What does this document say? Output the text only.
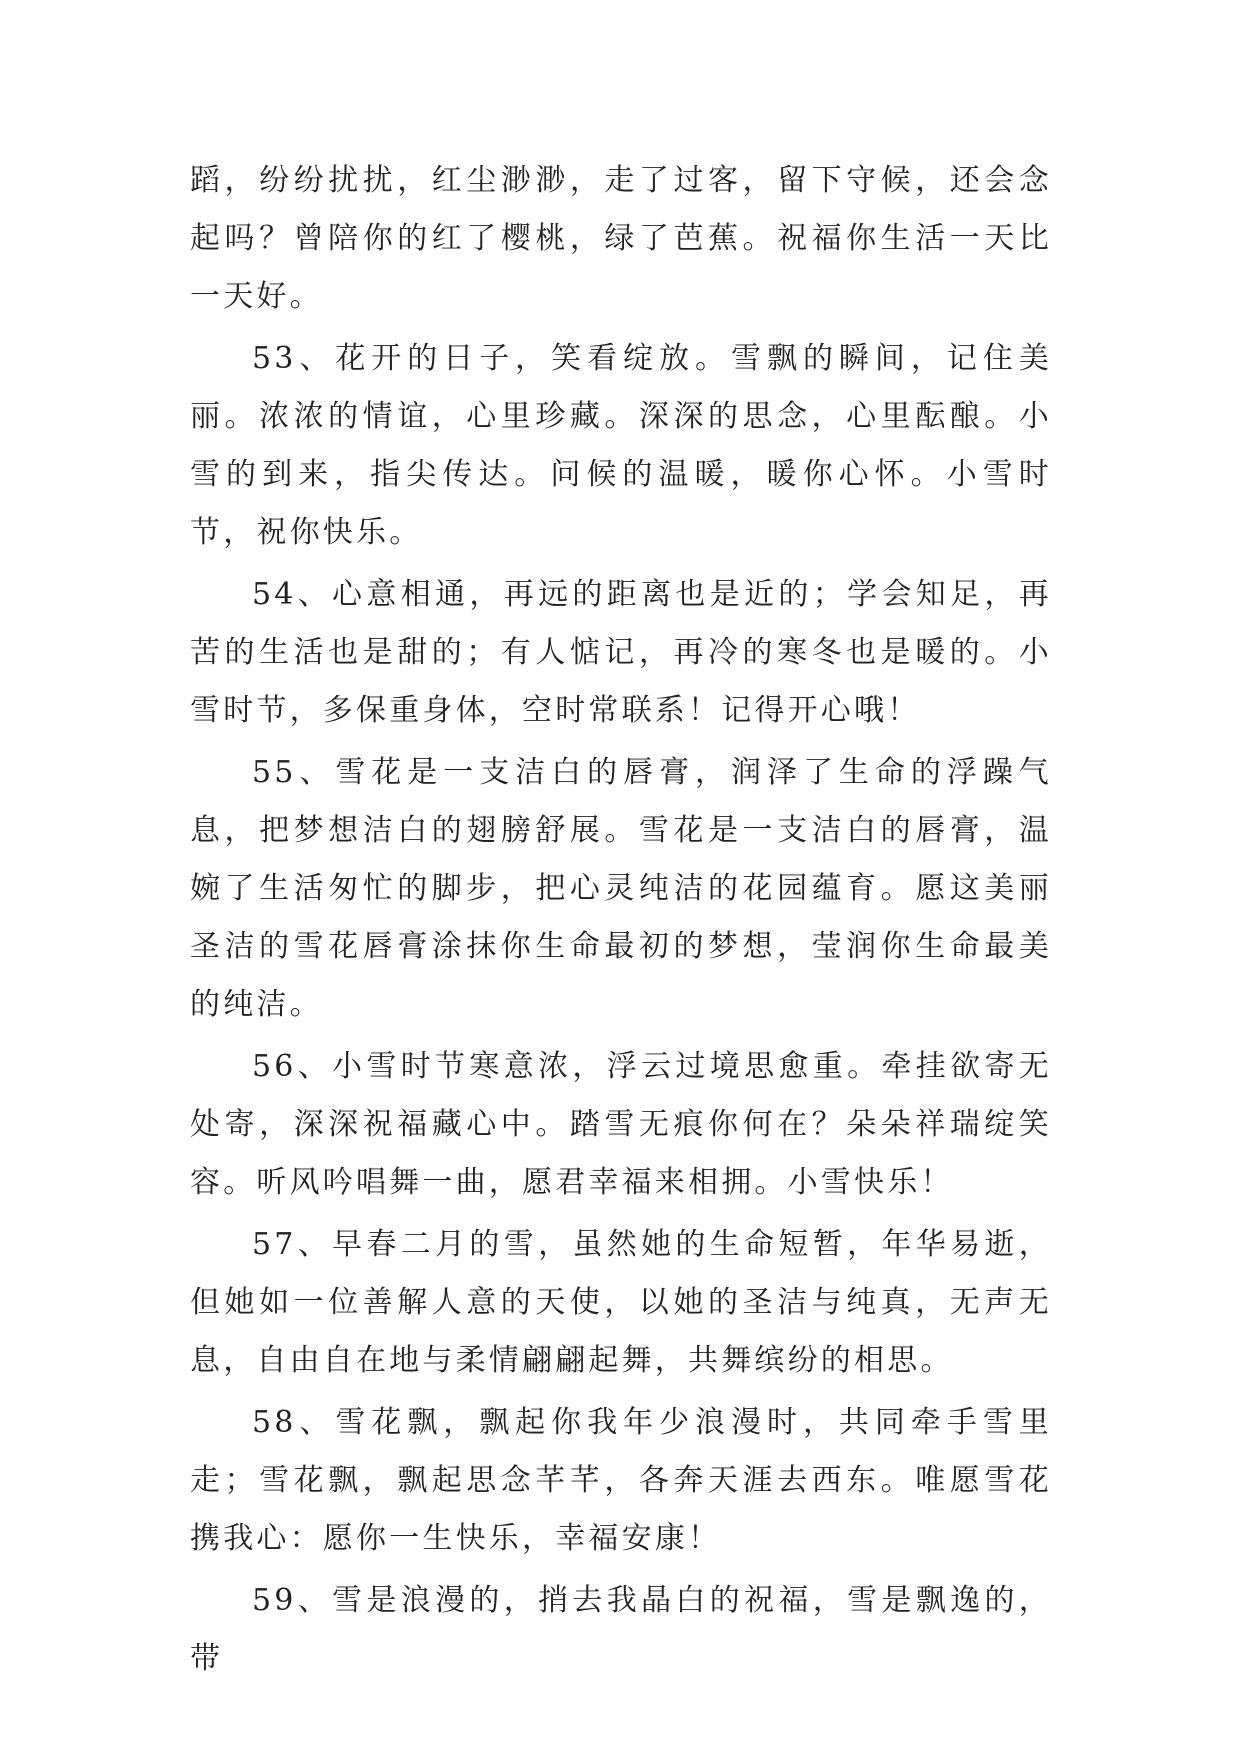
蹈，纷纷扰扰，红尘渺渺，走了过客，留下守候，还会念起吗？曾陪你的红了樱桃，绿了芭蕉。祝福你生活一天比一天好。

53、花开的日子，笑看绽放。雪飘的瞬间，记住美丽。浓浓的情谊，心里珍藏。深深的思念，心里酝酿。小雪的到来，指尖传达。问候的温暖，暖你心怀。小雪时节，祝你快乐。

54、心意相通，再远的距离也是近的；学会知足，再苦的生活也是甜的；有人惦记，再冷的寒冬也是暖的。小雪时节，多保重身体，空时常联系！记得开心哦！

55、雪花是一支洁白的唇膏，润泽了生命的浮躁气息，把梦想洁白的翅膀舒展。雪花是一支洁白的唇膏，温婉了生活匆忙的脚步，把心灵纯洁的花园蕴育。愿这美丽圣洁的雪花唇膏涂抹你生命最初的梦想，莹润你生命最美的纯洁。

56、小雪时节寒意浓，浮云过境思愈重。牵挂欲寄无处寄，深深祝福藏心中。踏雪无痕你何在？朵朵祥瑞绽笑容。听风吟唱舞一曲，愿君幸福来相拥。小雪快乐！

57、早春二月的雪，虽然她的生命短暂，年华易逝，但她如一位善解人意的天使，以她的圣洁与纯真，无声无息，自由自在地与柔情翩翩起舞，共舞缤纷的相思。

58、雪花飘，飘起你我年少浪漫时，共同牵手雪里走；雪花飘，飘起思念芊芊，各奔天涯去西东。唯愿雪花携我心：愿你一生快乐，幸福安康！

59、雪是浪漫的，捎去我晶白的祝福，雪是飘逸的，带
